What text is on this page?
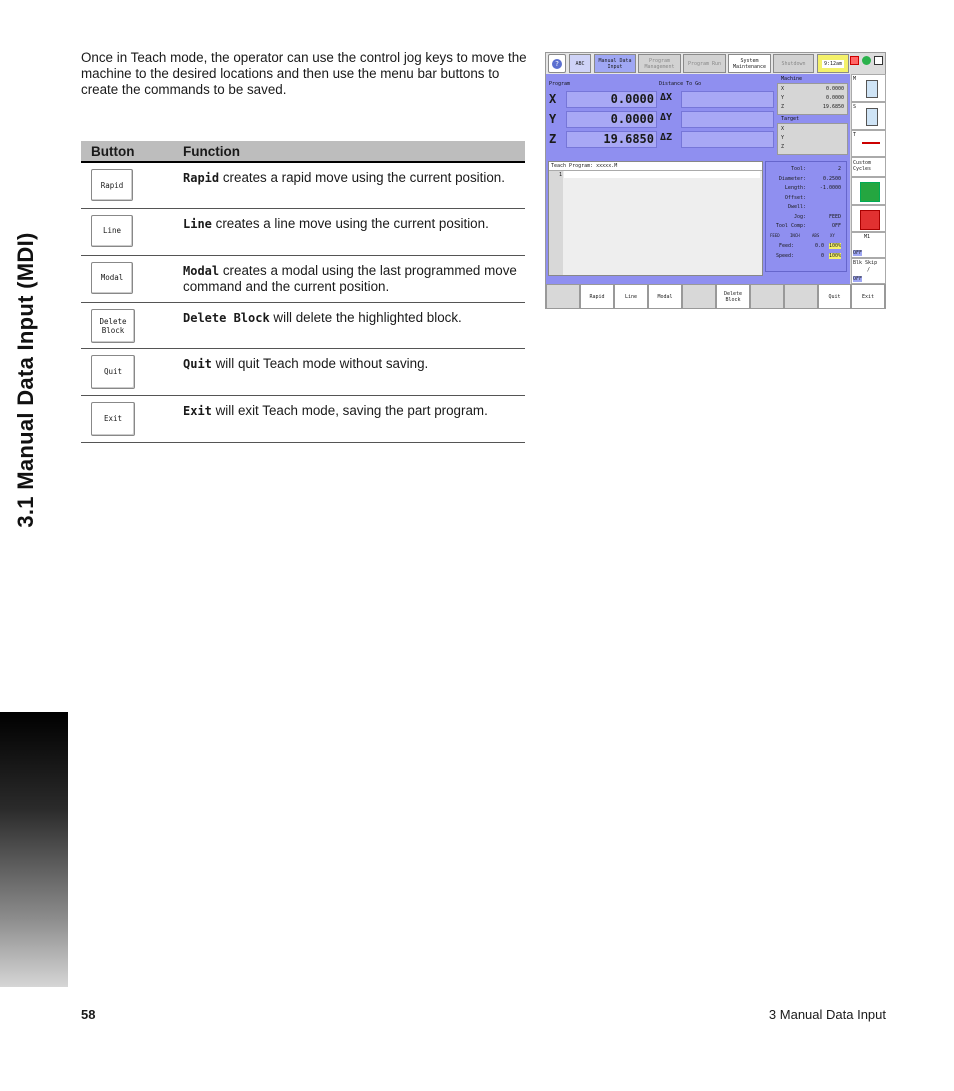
3.1 Manual Data Input (MDI)

Once in Teach mode, the operator can use the control jog keys to move the machine to the desired locations and then use the menu bar buttons to create the commands to be saved.

Button	Function

Rapid	Rapid creates a rapid move using the current position.

Line	Line creates a line move using the current position.

Modal	Modal creates a modal using the last programmed move command and the current position.

Delete Block	Delete Block will delete the highlighted block.

Quit	Quit will quit Teach mode without saving.

Exit	Exit will exit Teach mode, saving the part program.
?	ABC	Manual Data Input
Program Management	Program Run	System Maintenance	Shutdown	9:12am
Program	Distance To Go
X	0.0000 ΔX
Y	0.0000 ΔY
Z	19.6850 ΔZ
Machine
X	0.0000
Y	0.0000
Z	19.6850
Target
X
Y
Z
Teach Program: xxxxx.M
1
Tool:	2
Diameter:	0.2500
Length:	-1.0000
Offset:
Dwell:
Jog:	FEED
Tool Comp:	OFF
FEED	INCH	ABS	XY
Feed:	0.0 100%
Speed:	0 100%
M
S
T
Custom Cycles
M1
OFF
Blk Skip
/
OFF
Rapid	Line	Modal	Delete Block	Quit	Exit
58	3 Manual Data Input
